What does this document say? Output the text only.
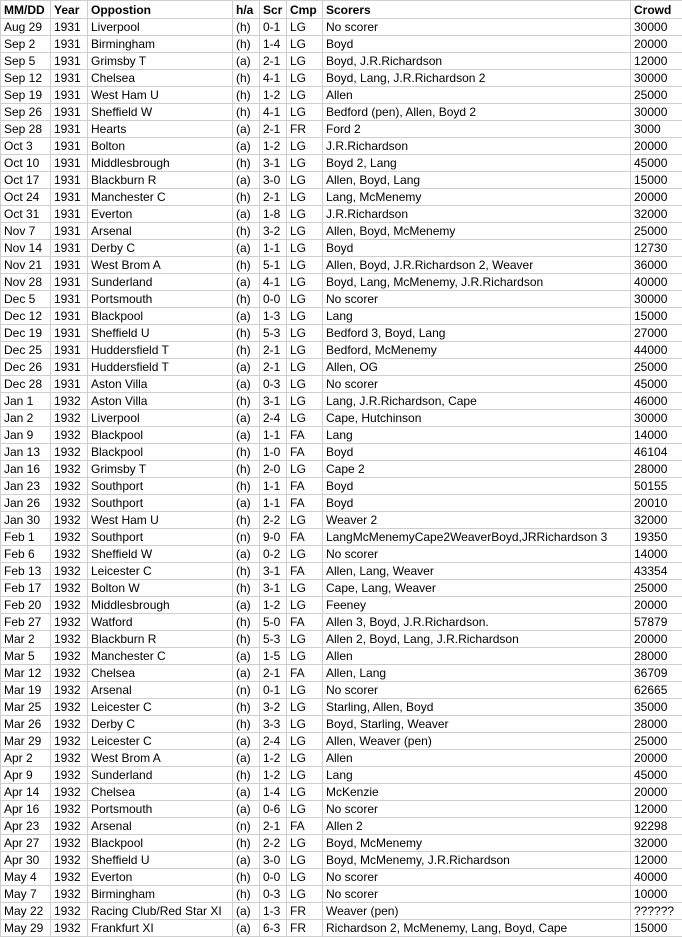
MM/DD	Year	Oppostion	h/a	Scr	Cmp	Scorers	Crowd
Aug 29	1931	Liverpool	(h)	0-1	LG	No scorer	30000
Sep 2	1931	Birmingham	(h)	1-4	LG	Boyd	20000
Sep 5	1931	Grimsby T	(a)	2-1	LG	Boyd, J.R.Richardson	12000
Sep 12	1931	Chelsea	(h)	4-1	LG	Boyd, Lang, J.R.Richardson 2	30000
Sep 19	1931	West Ham U	(h)	1-2	LG	Allen	25000
Sep 26	1931	Sheffield W	(h)	4-1	LG	Bedford (pen), Allen, Boyd 2	30000
Sep 28	1931	Hearts	(a)	2-1	FR	Ford 2	3000
Oct 3	1931	Bolton	(a)	1-2	LG	J.R.Richardson	20000
Oct 10	1931	Middlesbrough	(h)	3-1	LG	Boyd 2, Lang	45000
Oct 17	1931	Blackburn R	(a)	3-0	LG	Allen, Boyd, Lang	15000
Oct 24	1931	Manchester C	(h)	2-1	LG	Lang, McMenemy	20000
Oct 31	1931	Everton	(a)	1-8	LG	J.R.Richardson	32000
Nov 7	1931	Arsenal	(h)	3-2	LG	Allen, Boyd, McMenemy	25000
Nov 14	1931	Derby C	(a)	1-1	LG	Boyd	12730
Nov 21	1931	West Brom A	(h)	5-1	LG	Allen, Boyd, J.R.Richardson 2, Weaver	36000
Nov 28	1931	Sunderland	(a)	4-1	LG	Boyd, Lang, McMenemy, J.R.Richardson	40000
Dec 5	1931	Portsmouth	(h)	0-0	LG	No scorer	30000
Dec 12	1931	Blackpool	(a)	1-3	LG	Lang	15000
Dec 19	1931	Sheffield U	(h)	5-3	LG	Bedford 3, Boyd, Lang	27000
Dec 25	1931	Huddersfield T	(h)	2-1	LG	Bedford, McMenemy	44000
Dec 26	1931	Huddersfield T	(a)	2-1	LG	Allen, OG	25000
Dec 28	1931	Aston Villa	(a)	0-3	LG	No scorer	45000
Jan 1	1932	Aston Villa	(h)	3-1	LG	Lang, J.R.Richardson, Cape	46000
Jan 2	1932	Liverpool	(a)	2-4	LG	Cape, Hutchinson	30000
Jan 9	1932	Blackpool	(a)	1-1	FA	Lang	14000
Jan 13	1932	Blackpool	(h)	1-0	FA	Boyd	46104
Jan 16	1932	Grimsby T	(h)	2-0	LG	Cape 2	28000
Jan 23	1932	Southport	(h)	1-1	FA	Boyd	50155
Jan 26	1932	Southport	(a)	1-1	FA	Boyd	20010
Jan 30	1932	West Ham U	(h)	2-2	LG	Weaver 2	32000
Feb 1	1932	Southport	(n)	9-0	FA	LangMcMenemyCape2WeaverBoyd,JRRichardson 3	19350
Feb 6	1932	Sheffield W	(a)	0-2	LG	No scorer	14000
Feb 13	1932	Leicester C	(h)	3-1	FA	Allen, Lang, Weaver	43354
Feb 17	1932	Bolton W	(h)	3-1	LG	Cape, Lang, Weaver	25000
Feb 20	1932	Middlesbrough	(a)	1-2	LG	Feeney	20000
Feb 27	1932	Watford	(h)	5-0	FA	Allen 3, Boyd, J.R.Richardson.	57879
Mar 2	1932	Blackburn R	(h)	5-3	LG	Allen 2, Boyd, Lang, J.R.Richardson	20000
Mar 5	1932	Manchester C	(a)	1-5	LG	Allen	28000
Mar 12	1932	Chelsea	(a)	2-1	FA	Allen, Lang	36709
Mar 19	1932	Arsenal	(n)	0-1	LG	No scorer	62665
Mar 25	1932	Leicester C	(h)	3-2	LG	Starling, Allen, Boyd	35000
Mar 26	1932	Derby C	(h)	3-3	LG	Boyd, Starling, Weaver	28000
Mar 29	1932	Leicester C	(a)	2-4	LG	Allen, Weaver (pen)	25000
Apr 2	1932	West Brom A	(a)	1-2	LG	Allen	20000
Apr 9	1932	Sunderland	(h)	1-2	LG	Lang	45000
Apr 14	1932	Chelsea	(a)	1-4	LG	McKenzie	20000
Apr 16	1932	Portsmouth	(a)	0-6	LG	No scorer	12000
Apr 23	1932	Arsenal	(n)	2-1	FA	Allen 2	92298
Apr 27	1932	Blackpool	(h)	2-2	LG	Boyd, McMenemy	32000
Apr 30	1932	Sheffield U	(a)	3-0	LG	Boyd, McMenemy, J.R.Richardson	12000
May 4	1932	Everton	(h)	0-0	LG	No scorer	40000
May 7	1932	Birmingham	(h)	0-3	LG	No scorer	10000
May 22	1932	Racing Club/Red Star XI	(a)	1-3	FR	Weaver (pen)	??????
May 29	1932	Frankfurt XI	(a)	6-3	FR	Richardson 2, McMenemy, Lang, Boyd, Cape	15000
